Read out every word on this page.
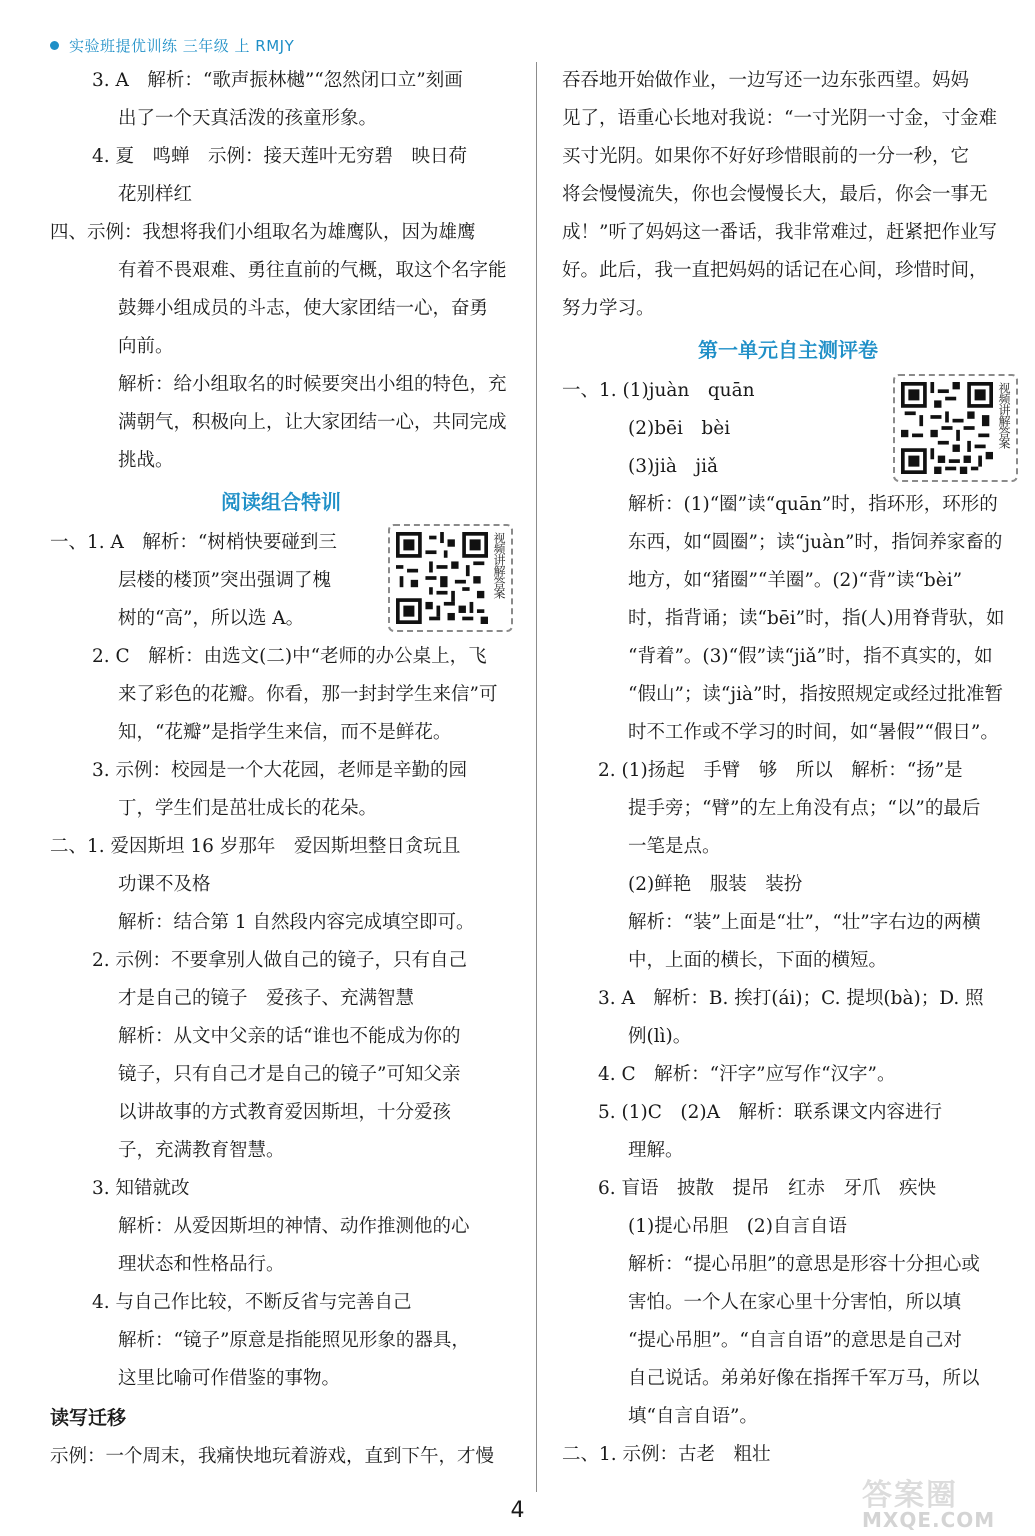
实验班提优训练 三年级 上 RMJY
3. A　解析：“歌声振林樾”“忽然闭口立”刻画
出了一个天真活泼的孩童形象。
4. 夏　鸣蝉　示例：接天莲叶无穷碧　映日荷
花别样红
四、示例：我想将我们小组取名为雄鹰队，因为雄鹰
有着不畏艰难、勇往直前的气概，取这个名字能
鼓舞小组成员的斗志，使大家团结一心，奋勇
向前。
解析：给小组取名的时候要突出小组的特色，充
满朝气，积极向上，让大家团结一心，共同完成
挑战。
阅读组合特训
一、1. A　解析：“树梢快要碰到三
层楼的楼顶”突出强调了槐
树的“高”，所以选 A。
2. C　解析：由选文(二)中“老师的办公桌上，飞
来了彩色的花瓣。你看，那一封封学生来信”可
知，“花瓣”是指学生来信，而不是鲜花。
3. 示例：校园是一个大花园，老师是辛勤的园
丁，学生们是茁壮成长的花朵。
二、1. 爱因斯坦 16 岁那年　爱因斯坦整日贪玩且
功课不及格
解析：结合第 1 自然段内容完成填空即可。
2. 示例：不要拿别人做自己的镜子，只有自己
才是自己的镜子　爱孩子、充满智慧
解析：从文中父亲的话“谁也不能成为你的
镜子，只有自己才是自己的镜子”可知父亲
以讲故事的方式教育爱因斯坦，十分爱孩
子，充满教育智慧。
3. 知错就改
解析：从爱因斯坦的神情、动作推测他的心
理状态和性格品行。
4. 与自己作比较，不断反省与完善自己
解析：“镜子”原意是指能照见形象的器具，
这里比喻可作借鉴的事物。
读写迁移
示例：一个周末，我痛快地玩着游戏，直到下午，才慢
吞吞地开始做作业，一边写还一边东张西望。妈妈
见了，语重心长地对我说：“一寸光阴一寸金，寸金难
买寸光阴。如果你不好好珍惜眼前的一分一秒，它
将会慢慢流失，你也会慢慢长大，最后，你会一事无
成！”听了妈妈这一番话，我非常难过，赶紧把作业写
好。此后，我一直把妈妈的话记在心间，珍惜时间，
努力学习。
第一单元自主测评卷
一、1. (1)juàn　quān
(2)bēi　bèi
(3)jià　jiǎ
解析：(1)“圈”读“quān”时，指环形，环形的
东西，如“圆圈”；读“juàn”时，指饲养家畜的
地方，如“猪圈”“羊圈”。(2)“背”读“bèi”
时，指背诵；读“bēi”时，指(人)用脊背驮，如
“背着”。(3)“假”读“jiǎ”时，指不真实的，如
“假山”；读“jià”时，指按照规定或经过批准暂
时不工作或不学习的时间，如“暑假”“假日”。
2. (1)扬起　手臂　够　所以　解析：“扬”是
提手旁；“臂”的左上角没有点；“以”的最后
一笔是点。
(2)鲜艳　服装　装扮
解析：“装”上面是“壮”，“壮”字右边的两横
中，上面的横长，下面的横短。
3. A　解析：B. 挨打(ái)；C. 提坝(bà)；D. 照
例(lì)。
4. C　解析：“汗字”应写作“汉字”。
5. (1)C　(2)A　解析：联系课文内容进行
理解。
6. 盲语　披散　提吊　红赤　牙爪　疾快
(1)提心吊胆　(2)自言自语
解析：“提心吊胆”的意思是形容十分担心或
害怕。一个人在家心里十分害怕，所以填
“提心吊胆”。“自言自语”的意思是自己对
自己说话。弟弟好像在指挥千军万马，所以
填“自言自语”。
二、1. 示例：古老　粗壮
视频讲解答案
视频讲解答案
4	答案圈
MXQE.COM
